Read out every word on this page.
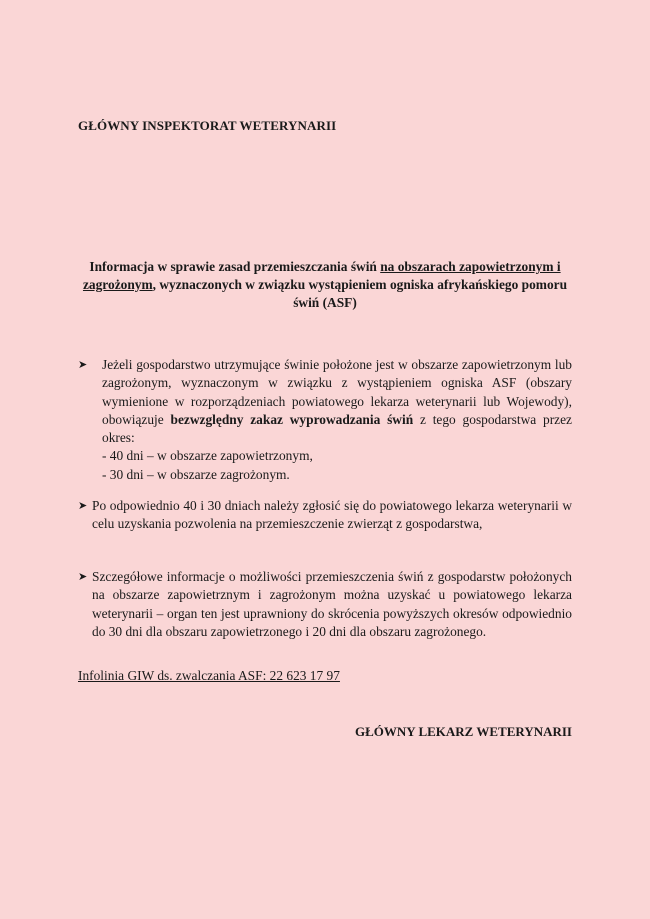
GŁÓWNY INSPEKTORAT WETERYNARII
Informacja w sprawie zasad przemieszczania świń na obszarach zapowietrzonym i zagrożonym, wyznaczonych w związku wystąpieniem ogniska afrykańskiego pomoru świń (ASF)
➤	Jeżeli gospodarstwo utrzymujące świnie położone jest w obszarze zapowietrzonym lub zagrożonym, wyznaczonym w związku z wystąpieniem ogniska ASF (obszary wymienione w rozporządzeniach powiatowego lekarza weterynarii lub Wojewody), obowiązuje bezwzględny zakaz wyprowadzania świń z tego gospodarstwa przez okres:
- 40 dni – w obszarze zapowietrzonym,
- 30 dni – w obszarze zagrożonym.
➤ Po odpowiednio 40 i 30 dniach należy zgłosić się do powiatowego lekarza weterynarii w celu uzyskania pozwolenia na przemieszczenie zwierząt z gospodarstwa,
➤ Szczegółowe informacje o możliwości przemieszczenia świń z gospodarstw położonych na obszarze zapowietrznym i zagrożonym można uzyskać u powiatowego lekarza weterynarii – organ ten jest uprawniony do skrócenia powyższych okresów odpowiednio do 30 dni dla obszaru zapowietrzonego i 20 dni dla obszaru zagrożonego.
Infolinia GIW ds. zwalczania ASF: 22 623 17 97
GŁÓWNY LEKARZ WETERYNARII
